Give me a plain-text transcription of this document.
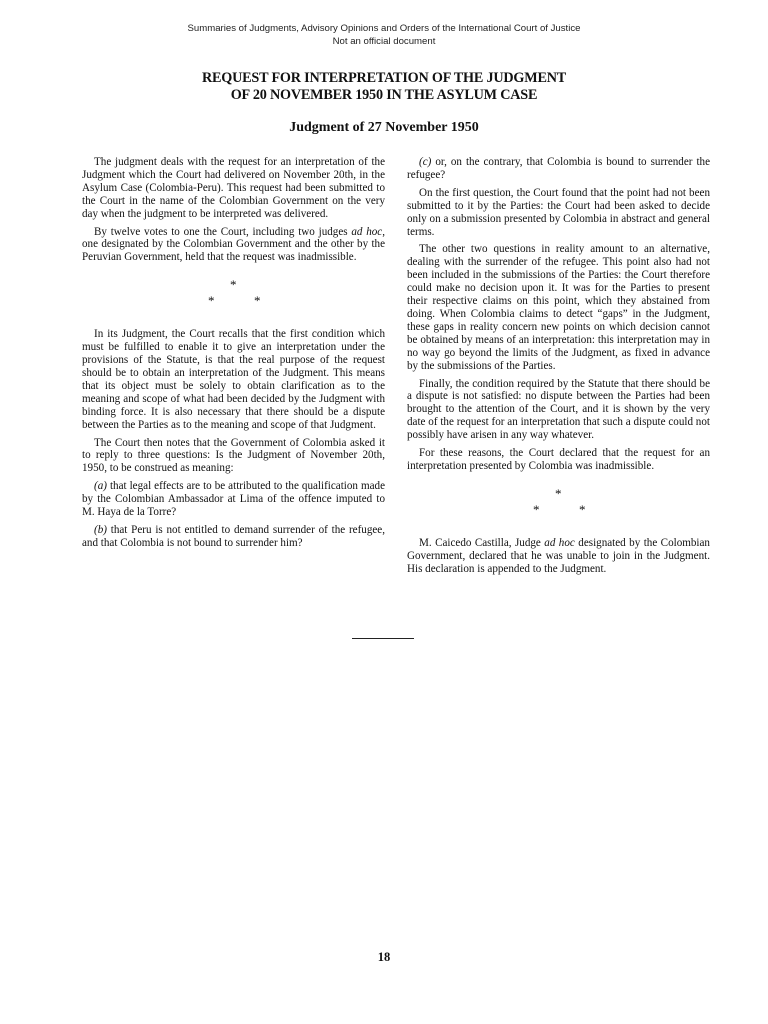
Summaries of Judgments, Advisory Opinions and Orders of the International Court of Justice
Not an official document
REQUEST FOR INTERPRETATION OF THE JUDGMENT
OF 20 NOVEMBER 1950 IN THE ASYLUM CASE
Judgment of 27 November 1950

The judgment deals with the request for an interpretation of the Judgment which the Court had delivered on November 20th, in the Asylum Case (Colombia-Peru). This request had been submitted to the Court in the name of the Colombian Government on the very day when the judgment to be interpreted was delivered.

By twelve votes to one the Court, including two judges ad hoc, one designated by the Colombian Government and the other by the Peruvian Government, held that the request was inadmissible.

*
*	*

In its Judgment, the Court recalls that the first condition which must be fulfilled to enable it to give an interpretation under the provisions of the Statute, is that the real purpose of the request should be to obtain an interpretation of the Judgment. This means that its object must be solely to obtain clarification as to the meaning and scope of what had been decided by the Judgment with binding force. It is also necessary that there should be a dispute between the Parties as to the meaning and scope of that Judgment.

The Court then notes that the Government of Colombia asked it to reply to three questions: Is the Judgment of November 20th, 1950, to be construed as meaning:

(a) that legal effects are to be attributed to the qualification made by the Colombian Ambassador at Lima of the offence imputed to M. Haya de la Torre?

(b) that Peru is not entitled to demand surrender of the refugee, and that Colombia is not bound to surrender him?

(c) or, on the contrary, that Colombia is bound to surrender the refugee?

On the first question, the Court found that the point had not been submitted to it by the Parties: the Court had been asked to decide only on a submission presented by Colombia in abstract and general terms.

The other two questions in reality amount to an alternative, dealing with the surrender of the refugee. This point also had not been included in the submissions of the Parties: the Court therefore could make no decision upon it. It was for the Parties to present their respective claims on this point, which they abstained from doing. When Colombia claims to detect “gaps” in the Judgment, these gaps in reality concern new points on which decision cannot be obtained by means of an interpretation: this interpretation may in no way go beyond the limits of the Judgment, as fixed in advance by the submissions of the Parties.

Finally, the condition required by the Statute that there should be a dispute is not satisfied: no dispute between the Parties had been brought to the attention of the Court, and it is shown by the very date of the request for an interpretation that such a dispute could not possibly have arisen in any way whatever.

For these reasons, the Court declared that the request for an interpretation presented by Colombia was inadmissible.

*
*	*

M. Caicedo Castilla, Judge ad hoc designated by the Colombian Government, declared that he was unable to join in the Judgment. His declaration is appended to the Judgment.

18
